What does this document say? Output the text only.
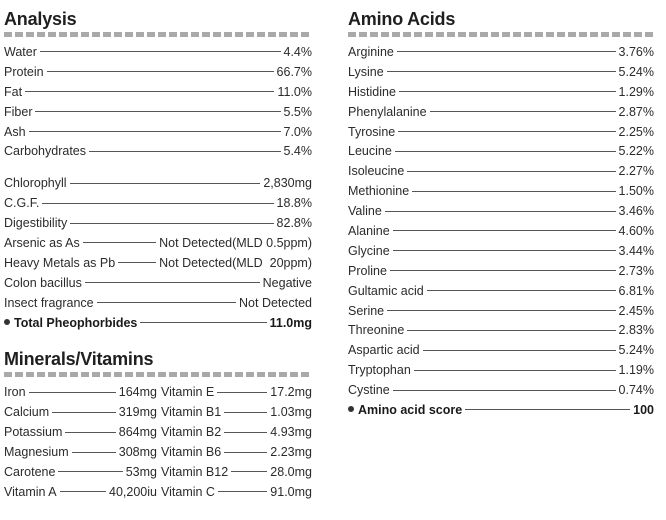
Analysis
Water	4.4%
Protein	66.7%
Fat	11.0%
Fiber	5.5%
Ash	7.0%
Carbohydrates	5.4%
Chlorophyll	2,830mg
C.G.F.	18.8%
Digestibility	82.8%
Arsenic as As	Not Detected(MLD 0.5ppm)
Heavy Metals as Pb	Not Detected(MLD  20ppm)
Colon bacillus	Negative
Insect fragrance	Not Detected
Total Pheophorbides	11.0mg
Minerals/Vitamins
Iron	164mg Vitamin E	17.2mg
Calcium	319mg Vitamin B1	1.03mg
Potassium	864mg Vitamin B2	4.93mg
Magnesium	308mg Vitamin B6	2.23mg
Carotene	53mg Vitamin B12	28.0mg
Vitamin A	40,200iu Vitamin C	91.0mg
Amino Acids
Arginine	3.76%
Lysine	5.24%
Histidine	1.29%
Phenylalanine	2.87%
Tyrosine	2.25%
Leucine	5.22%
Isoleucine	2.27%
Methionine	1.50%
Valine	3.46%
Alanine	4.60%
Glycine	3.44%
Proline	2.73%
Gultamic acid	6.81%
Serine	2.45%
Threonine	2.83%
Aspartic acid	5.24%
Tryptophan	1.19%
Cystine	0.74%
Amino acid score	100
